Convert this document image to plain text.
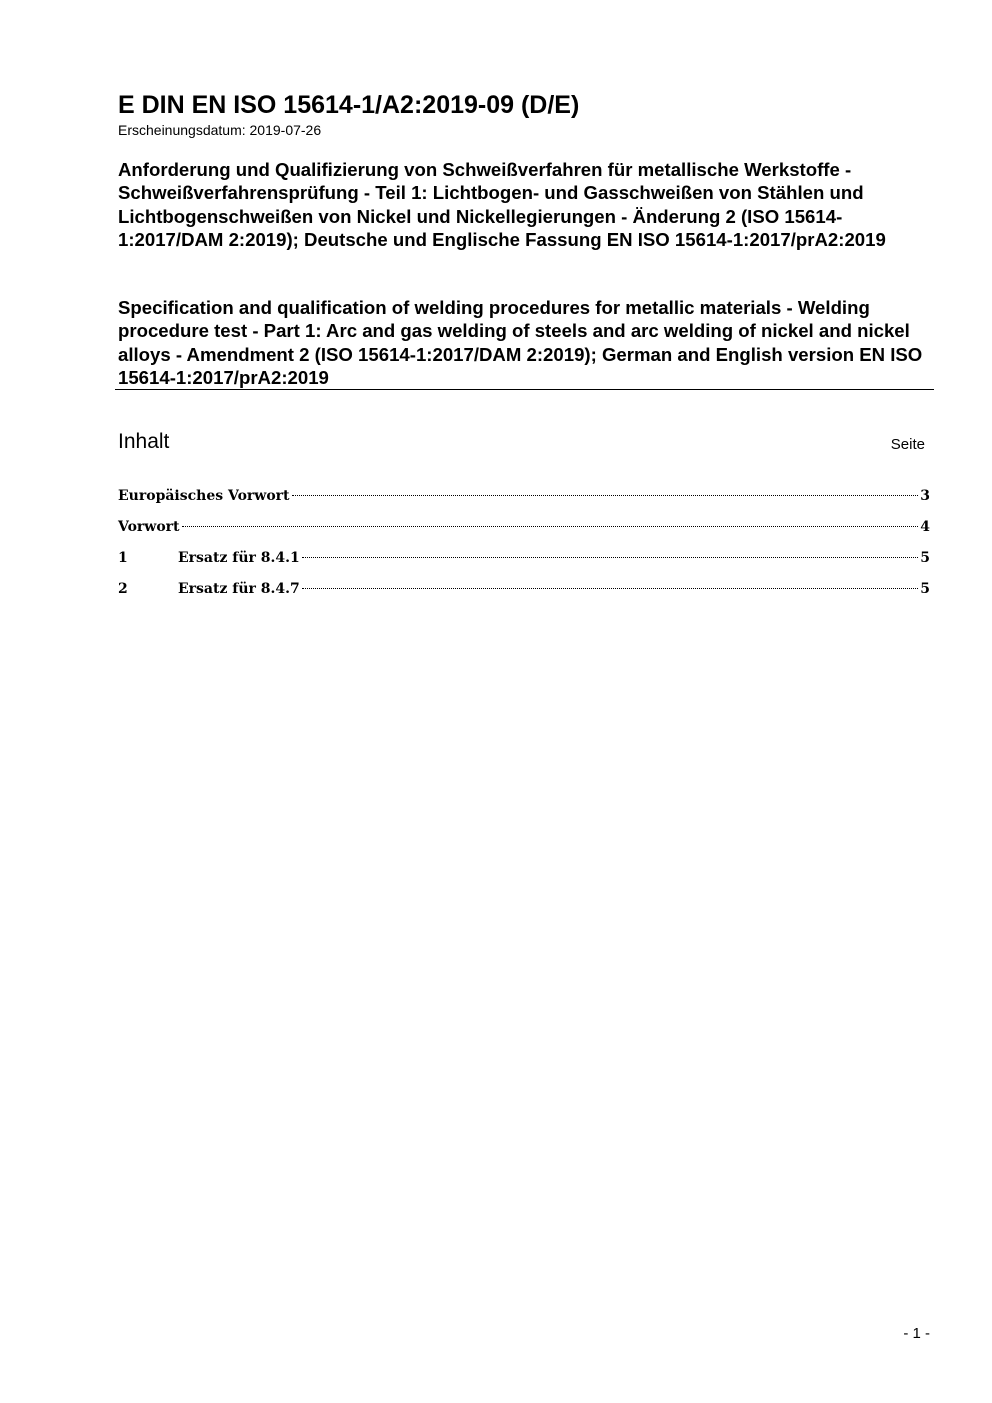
E DIN EN ISO 15614-1/A2:2019-09 (D/E)
Erscheinungsdatum: 2019-07-26

Anforderung und Qualifizierung von Schweißverfahren für metallische Werkstoffe - Schweißverfahrensprüfung - Teil 1: Lichtbogen- und Gasschweißen von Stählen und Lichtbogenschweißen von Nickel und Nickellegierungen - Änderung 2 (ISO 15614-1:2017/DAM 2:2019); Deutsche und Englische Fassung EN ISO 15614-1:2017/prA2:2019

Specification and qualification of welding procedures for metallic materials - Welding procedure test - Part 1: Arc and gas welding of steels and arc welding of nickel and nickel alloys - Amendment 2 (ISO 15614-1:2017/DAM 2:2019); German and English version EN ISO 15614-1:2017/prA2:2019

Inhalt	Seite
Europäisches Vorwort	3
Vorwort	4
1	Ersatz für 8.4.1	5
2	Ersatz für 8.4.7	5
- 1 -
